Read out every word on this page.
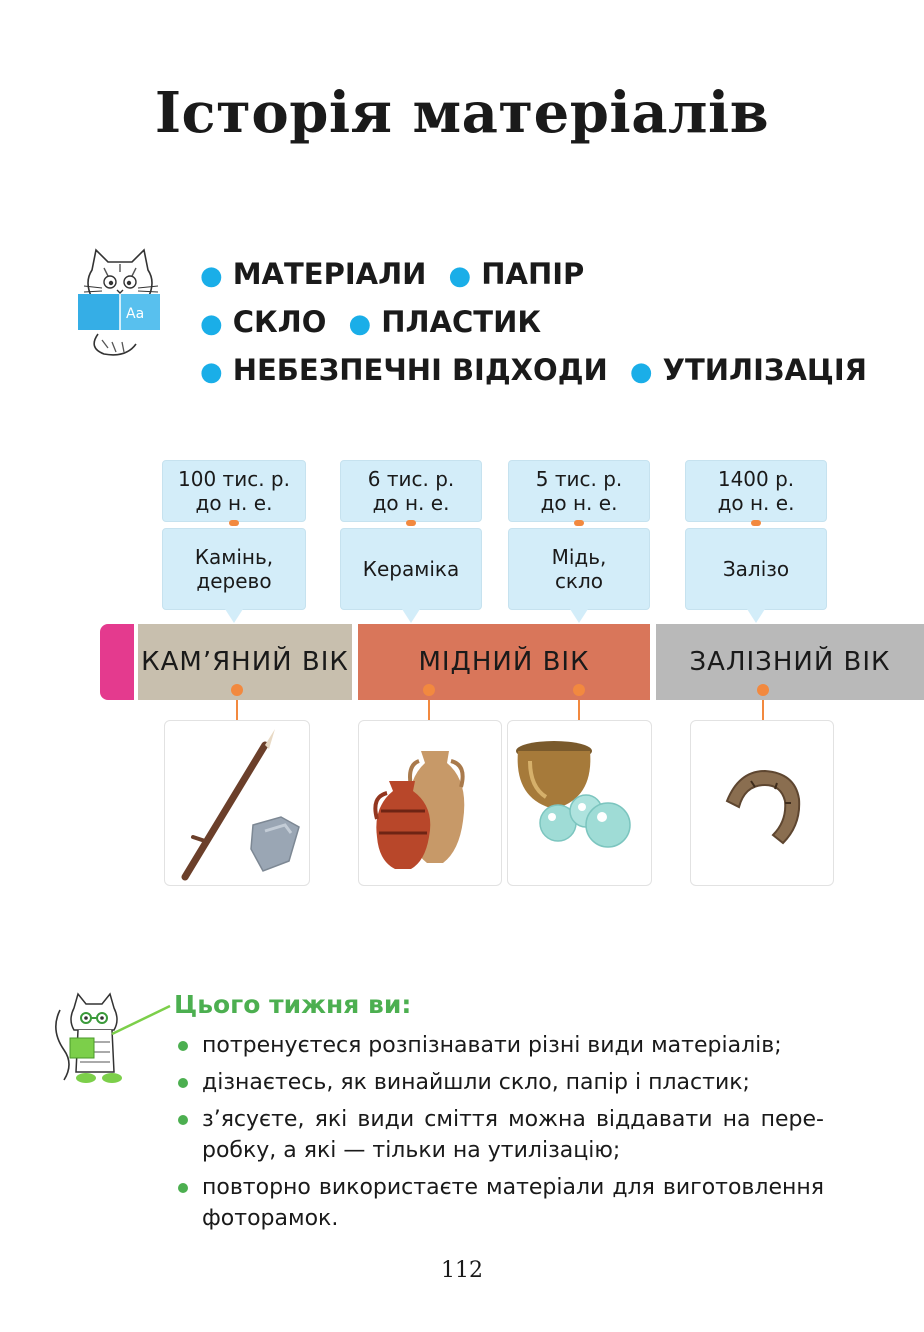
Історія матеріалів
Aa
● МАТЕРІАЛИ ● ПАПІР
● СКЛО ● ПЛАСТИК
● НЕБЕЗПЕЧНІ ВІДХОДИ ● УТИЛІЗАЦІЯ
100 тис. р.
до н. е.
6 тис. р.
до н. е.
5 тис. р.
до н. е.
1400 р.
до н. е.
Камінь,
дерево	Кераміка	Мідь,
скло	Залізо
КАМ’ЯНИЙ ВІК	МІДНИЙ ВІК	ЗАЛІЗНИЙ ВІК
Цього тижня ви:
потренуєтеся розпізнавати різні види матеріалів;
дізнаєтесь, як винайшли скло, папір і пластик;
з’ясуєте, які види сміття можна віддавати на переробку, а які — тільки на утилізацію;
повторно використаєте матеріали для виготовлення фоторамок.
112
